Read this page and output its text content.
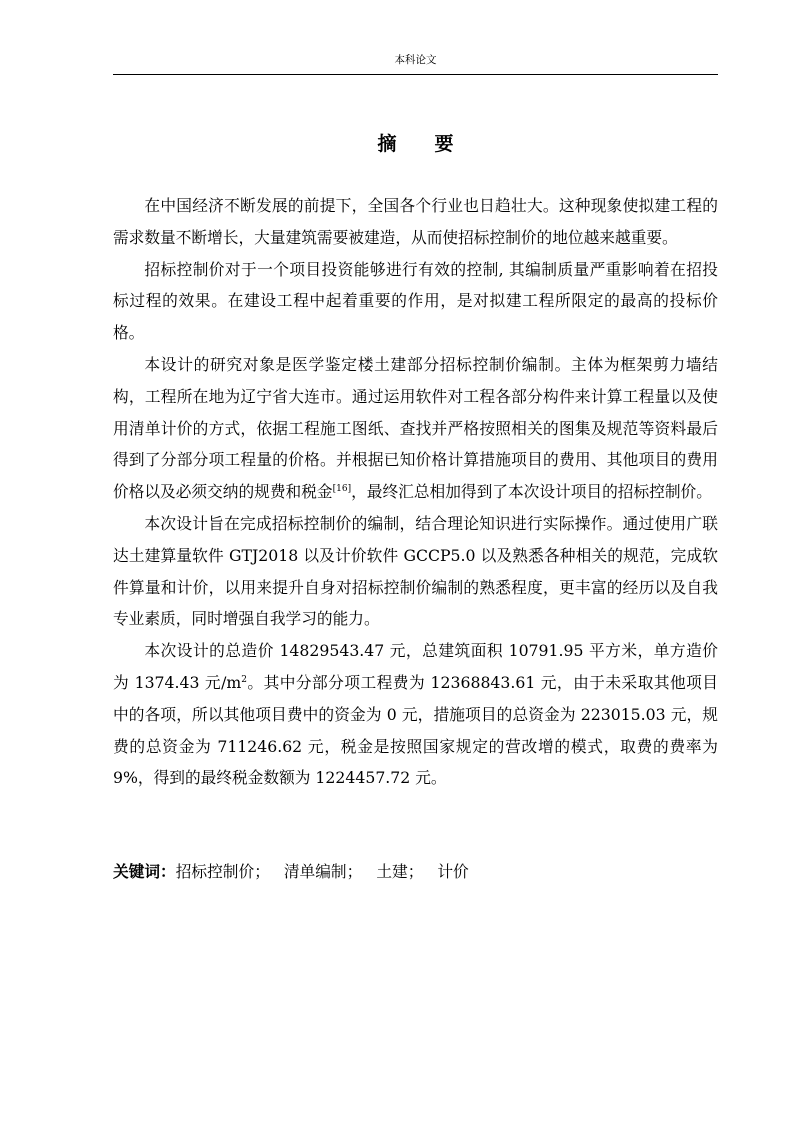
本科论文
摘要

在中国经济不断发展的前提下，全国各个行业也日趋壮大。这种现象使拟建工程的需求数量不断增长，大量建筑需要被建造，从而使招标控制价的地位越来越重要。

招标控制价对于一个项目投资能够进行有效的控制, 其编制质量严重影响着在招投标过程的效果。在建设工程中起着重要的作用，是对拟建工程所限定的最高的投标价格。

本设计的研究对象是医学鉴定楼土建部分招标控制价编制。主体为框架剪力墙结构，工程所在地为辽宁省大连市。通过运用软件对工程各部分构件来计算工程量以及使用清单计价的方式，依据工程施工图纸、查找并严格按照相关的图集及规范等资料最后得到了分部分项工程量的价格。并根据已知价格计算措施项目的费用、其他项目的费用价格以及必须交纳的规费和税金[16]，最终汇总相加得到了本次设计项目的招标控制价。

本次设计旨在完成招标控制价的编制，结合理论知识进行实际操作。通过使用广联达土建算量软件 GTJ2018 以及计价软件 GCCP5.0 以及熟悉各种相关的规范，完成软件算量和计价，以用来提升自身对招标控制价编制的熟悉程度，更丰富的经历以及自我专业素质，同时增强自我学习的能力。

本次设计的总造价 14829543.47 元，总建筑面积 10791.95 平方米，单方造价为 1374.43 元$/m^2$。其中分部分项工程费为 12368843.61 元，由于未采取其他项目中的各项，所以其他项目费中的资金为 0 元，措施项目的总资金为 223015.03 元，规费的总资金为 711246.62 元，税金是按照国家规定的营改增的模式，取费的费率为 9%，得到的最终税金数额为 1224457.72 元。

关键词：招标控制价； 清单编制； 土建； 计价
